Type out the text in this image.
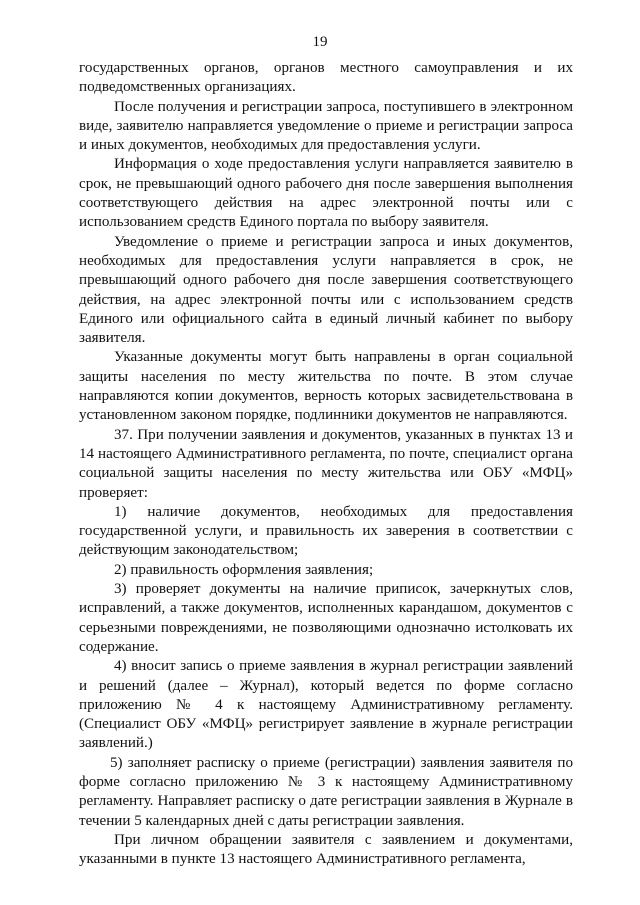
19

государственных органов, органов местного самоуправления и их подведомственных организациях.

После получения и регистрации запроса, поступившего в электронном виде, заявителю направляется уведомление о приеме и регистрации запроса и иных документов, необходимых для предоставления услуги.

Информация о ходе предоставления услуги направляется заявителю в срок, не превышающий одного рабочего дня после завершения выполнения соответствующего действия на адрес электронной почты или с использованием средств Единого портала по выбору заявителя.

Уведомление о приеме и регистрации запроса и иных документов, необходимых для предоставления услуги направляется в срок, не превышающий одного рабочего дня после завершения соответствующего действия, на адрес электронной почты или с использованием средств Единого или официального сайта в единый личный кабинет по выбору заявителя.

Указанные документы могут быть направлены в орган социальной защиты населения по месту жительства по почте. В этом случае направляются копии документов, верность которых засвидетельствована в установленном законом порядке, подлинники документов не направляются.

37. При получении заявления и документов, указанных в пунктах 13 и 14 настоящего Административного регламента, по почте, специалист органа социальной защиты населения по месту жительства или ОБУ «МФЦ» проверяет:

1) наличие документов, необходимых для предоставления государственной услуги, и правильность их заверения в соответствии с действующим законодательством;

2) правильность оформления заявления;

3) проверяет документы на наличие приписок, зачеркнутых слов, исправлений, а также документов, исполненных карандашом, документов с серьезными повреждениями, не позволяющими однозначно истолковать их содержание.

4) вносит запись о приеме заявления в журнал регистрации заявлений и решений (далее – Журнал), который ведется по форме согласно приложению № 4 к настоящему Административному регламенту. (Специалист ОБУ «МФЦ» регистрирует заявление в журнале регистрации заявлений.)

5) заполняет расписку о приеме (регистрации) заявления заявителя по форме согласно приложению № 3 к настоящему Административному регламенту. Направляет расписку о дате регистрации заявления в Журнале в течении 5 календарных дней с даты регистрации заявления.

При личном обращении заявителя с заявлением и документами, указанными в пункте 13 настоящего Административного регламента,
